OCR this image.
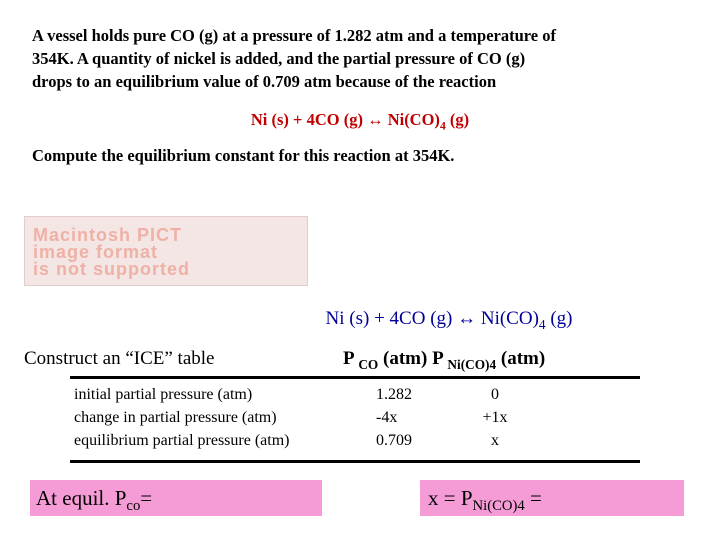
A vessel holds pure CO (g) at a pressure of 1.282 atm and a temperature of
354K. A quantity of nickel is added, and the partial pressure of CO (g)
drops to an equilibrium value of 0.709 atm because of the reaction
Ni (s) + 4CO (g) ↔ $Ni(CO)_4$ (g)
Compute the equilibrium constant for this reaction at 354K.
Macintosh PICT
image format
is not supported
Ni (s) + 4CO (g) ↔ $Ni(CO)_4$ (g)
Construct an “ICE” table	P $_{CO}$ (atm) P $_{Ni(CO)4}$ (atm)
initial partial pressure (atm)	1.282	0
change in partial pressure (atm)	-4x	+1x
equilibrium partial pressure (atm)	0.709	x
At equil. $P_{co}=$	$x = P_{Ni(CO)4}$ =
